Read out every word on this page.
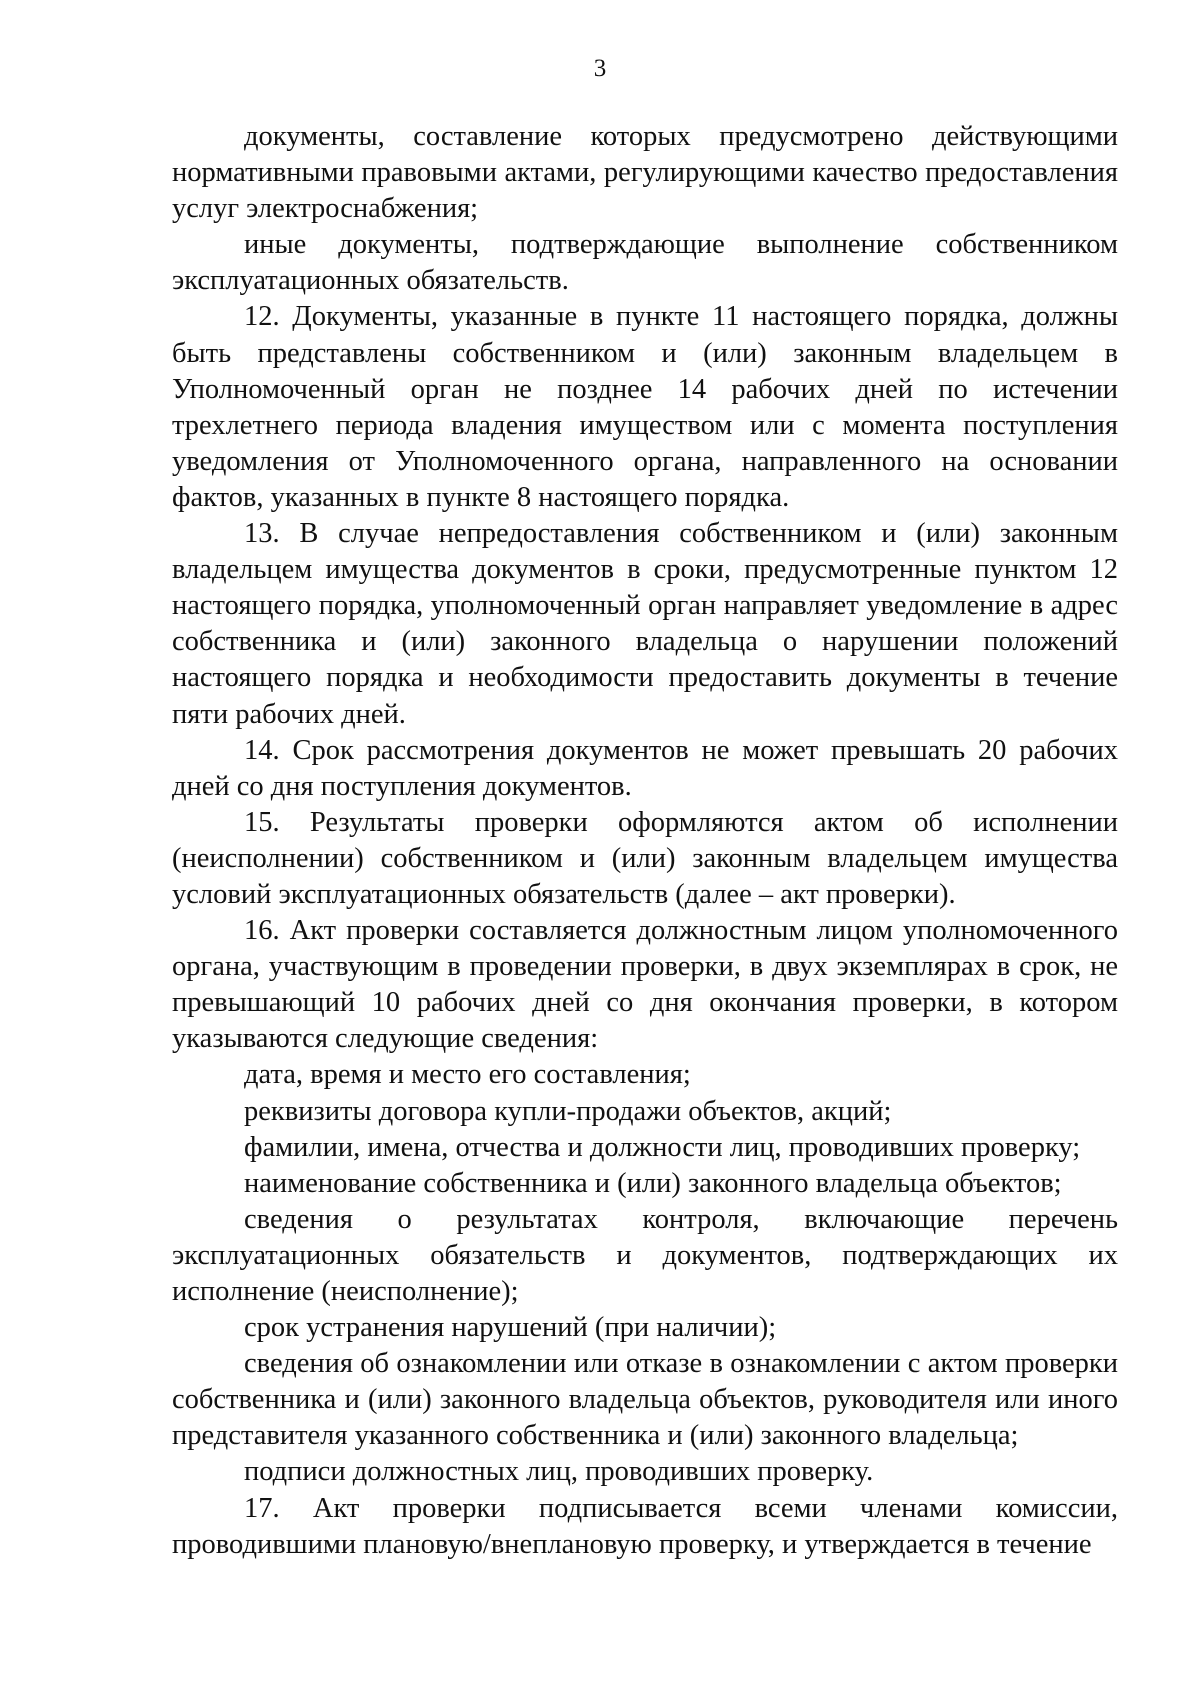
3

документы, составление которых предусмотрено действующими нормативными правовыми актами, регулирующими качество предоставления услуг электроснабжения;

иные документы, подтверждающие выполнение собственником эксплуатационных обязательств.

12. Документы, указанные в пункте 11 настоящего порядка, должны быть представлены собственником и (или) законным владельцем в Уполномоченный орган не позднее 14 рабочих дней по истечении трехлетнего периода владения имуществом или с момента поступления уведомления от Уполномоченного органа, направленного на основании фактов, указанных в пункте 8 настоящего порядка.

13. В случае непредоставления собственником и (или) законным владельцем имущества документов в сроки, предусмотренные пунктом 12 настоящего порядка, уполномоченный орган направляет уведомление в адрес собственника и (или) законного владельца о нарушении положений настоящего порядка и необходимости предоставить документы в течение пяти рабочих дней.

14. Срок рассмотрения документов не может превышать 20 рабочих дней со дня поступления документов.

15. Результаты проверки оформляются актом об исполнении (неисполнении) собственником и (или) законным владельцем имущества условий эксплуатационных обязательств (далее – акт проверки).

16. Акт проверки составляется должностным лицом уполномоченного органа, участвующим в проведении проверки, в двух экземплярах в срок, не превышающий 10 рабочих дней со дня окончания проверки, в котором указываются следующие сведения:

дата, время и место его составления;

реквизиты договора купли-продажи объектов, акций;

фамилии, имена, отчества и должности лиц, проводивших проверку;

наименование собственника и (или) законного владельца объектов;

сведения о результатах контроля, включающие перечень эксплуатационных обязательств и документов, подтверждающих их исполнение (неисполнение);

срок устранения нарушений (при наличии);

сведения об ознакомлении или отказе в ознакомлении с актом проверки собственника и (или) законного владельца объектов, руководителя или иного представителя указанного собственника и (или) законного владельца;

подписи должностных лиц, проводивших проверку.

17. Акт проверки подписывается всеми членами комиссии, проводившими плановую/внеплановую проверку, и утверждается в течение
